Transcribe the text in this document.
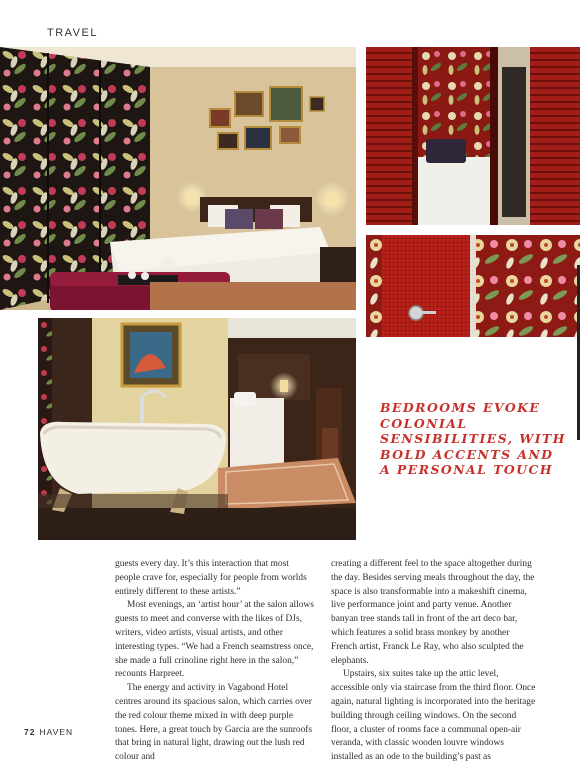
TRAVEL

BEDROOMS EVOKE COLONIAL SENSIBILITIES, WITH BOLD ACCENTS AND A PERSONAL TOUCH

guests every day. It’s this interaction that most people crave for, especially for people from worlds entirely different to these artists.”

Most evenings, an ‘artist hour’ at the salon allows guests to meet and converse with the likes of DJs, writers, video artists, visual artists, and other interesting types. “We had a French seamstress once, she made a full crinoline right here in the salon,” recounts Harpreet.

The energy and activity in Vagabond Hotel centres around its spacious salon, which carries over the red colour theme mixed in with deep purple tones. Here, a great touch by Garcia are the sunroofs that bring in natural light, drawing out the lush red colour and

creating a different feel to the space altogether during the day. Besides serving meals throughout the day, the space is also transformable into a makeshift cinema, live performance joint and party venue. Another banyan tree stands tall in front of the art deco bar, which features a solid brass monkey by another French artist, Franck Le Ray, who also sculpted the elephants.

Upstairs, six suites take up the attic level, accessible only via staircase from the third floor. Once again, natural lighting is incorporated into the heritage building through ceiling windows. On the second floor, a cluster of rooms face a communal open-air veranda, with classic wooden louvre windows installed as an ode to the building’s past as

72 HAVEN
